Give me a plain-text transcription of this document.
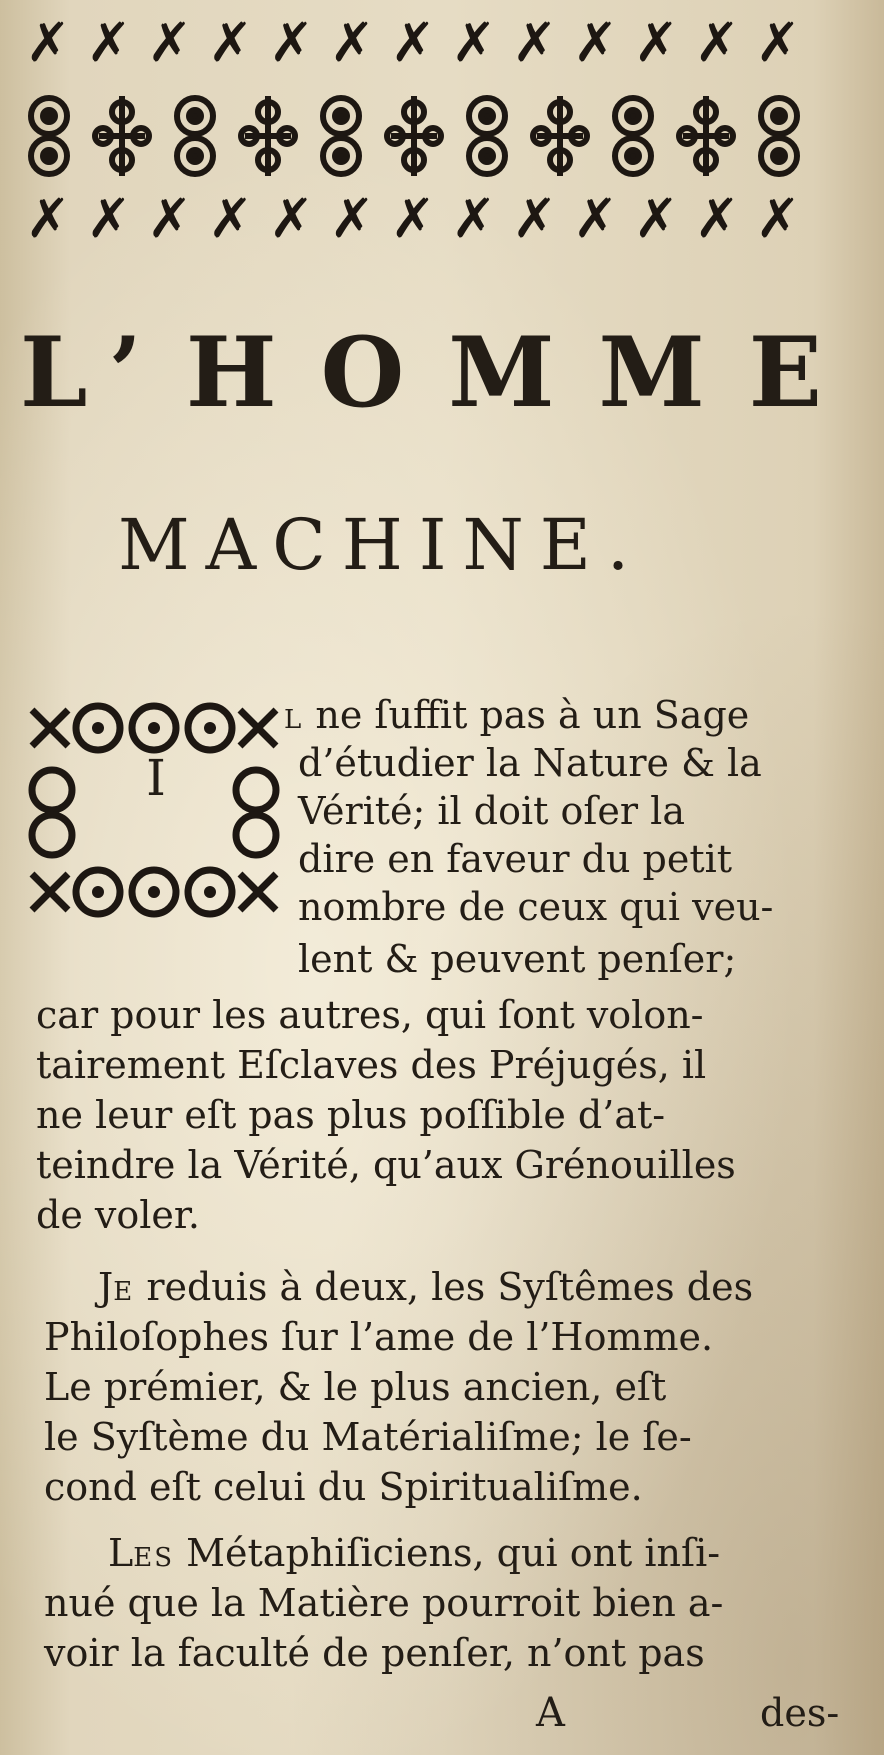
✗ ✗ ✗ ✗ ✗ ✗ ✗ ✗ ✗ ✗ ✗ ✗ ✗
✗ ✗ ✗ ✗ ✗ ✗ ✗ ✗ ✗ ✗ ✗ ✗ ✗
L’HOMME
MACHINE.
I
L ne ſuffit pas à un Sage
d’étudier la Nature & la
Vérité; il doit oſer la
dire en faveur du petit
nombre de ceux qui veu-
lent & peuvent penſer;
car pour les autres, qui ſont volon-
tairement Eſclaves des Préjugés, il
ne leur eſt pas plus poſſible d’at-
teindre la Vérité, qu’aux Grénouilles
de voler.
JE reduis à deux, les Syſtêmes des
Philoſophes ſur l’ame de l’Homme.
Le prémier, & le plus ancien, eſt
le Syſtème du Matérialiſme; le ſe-
cond eſt celui du Spiritualiſme.
LES Métaphiſiciens, qui ont inſi-
nué que la Matière pourroit bien a-
voir la faculté de penſer, n’ont pas
A	des-
